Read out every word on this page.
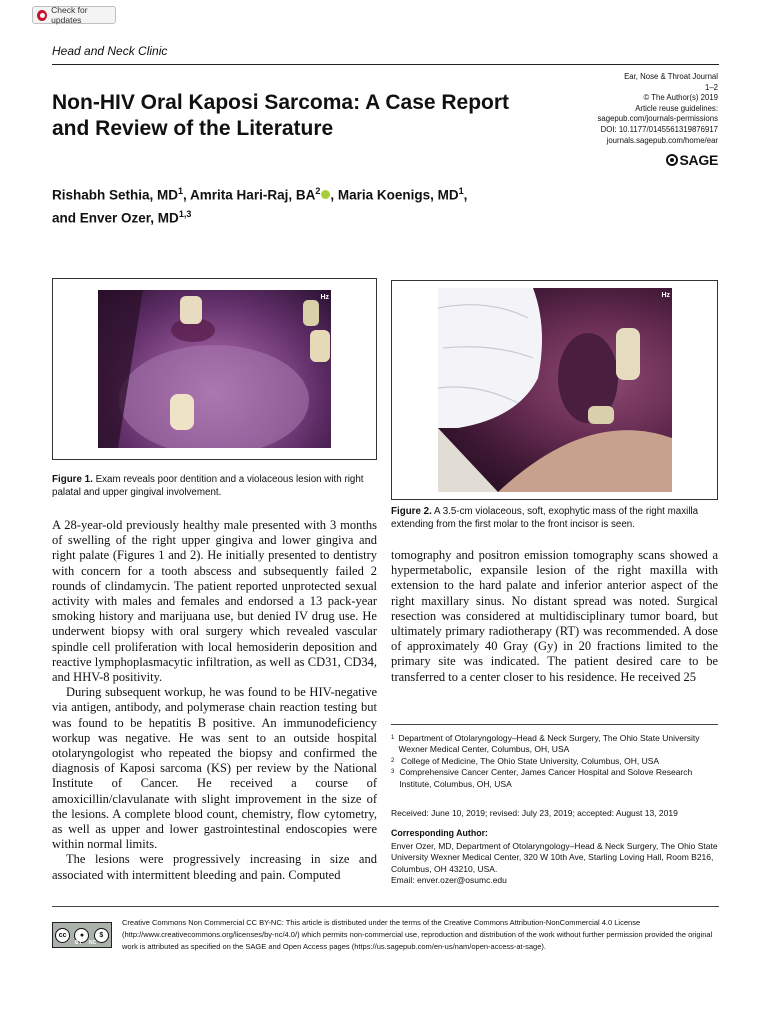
Check for updates
Head and Neck Clinic
Ear, Nose & Throat Journal
1–2
© The Author(s) 2019
Article reuse guidelines:
sagepub.com/journals-permissions
DOI: 10.1177/0145561319876917
journals.sagepub.com/home/ear
SAGE
Non-HIV Oral Kaposi Sarcoma: A Case Report and Review of the Literature
Rishabh Sethia, $MD^1$, Amrita Hari-Raj, $BA^2$ , Maria Koenigs, $MD^1$,
and Enver Ozer, MD$^{1,3}$
Hz
Figure 1. Exam reveals poor dentition and a violaceous lesion with right palatal and upper gingival involvement.
Hz
Figure 2. A 3.5-cm violaceous, soft, exophytic mass of the right maxilla extending from the first molar to the front incisor is seen.

A 28-year-old previously healthy male presented with 3 months of swelling of the right upper gingiva and lower gingiva and right palate (Figures 1 and 2). He initially presented to dentistry with concern for a tooth abscess and subsequently failed 2 rounds of clindamycin. The patient reported unprotected sexual activity with males and females and endorsed a 13 pack-year smoking history and marijuana use, but denied IV drug use. He underwent biopsy with oral surgery which revealed vascular spindle cell proliferation with local hemosiderin deposition and reactive lymphoplasmacytic infiltration, as well as CD31, CD34, and HHV-8 positivity.

During subsequent workup, he was found to be HIV-negative via antigen, antibody, and polymerase chain reaction testing but was found to be hepatitis B positive. An immunodeficiency workup was negative. He was sent to an outside hospital otolaryngologist who repeated the biopsy and confirmed the diagnosis of Kaposi sarcoma (KS) per review by the National Institute of Cancer. He received a course of amoxicillin/clavulanate with slight improvement in the size of the lesions. A complete blood count, chemistry, flow cytometry, as well as upper and lower gastrointestinal endoscopies were within normal limits.

The lesions were progressively increasing in size and associated with intermittent bleeding and pain. Computed

tomography and positron emission tomography scans showed a hypermetabolic, expansile lesion of the right maxilla with extension to the hard palate and inferior anterior aspect of the right maxillary sinus. No distant spread was noted. Surgical resection was considered at multidisciplinary tumor board, but ultimately primary radiotherapy (RT) was recommended. A dose of approximately 40 Gray (Gy) in 20 fractions limited to the primary site was indicated. The patient desired care to be transferred to a center closer to his residence. He received 25

1 Department of Otolaryngology–Head & Neck Surgery, The Ohio State University Wexner Medical Center, Columbus, OH, USA
2 College of Medicine, The Ohio State University, Columbus, OH, USA
3 Comprehensive Cancer Center, James Cancer Hospital and Solove Research Institute, Columbus, OH, USA
Received: June 10, 2019; revised: July 23, 2019; accepted: August 13, 2019
Corresponding Author:
Enver Ozer, MD, Department of Otolaryngology–Head & Neck Surgery, The Ohio State University Wexner Medical Center, 320 W 10th Ave, Starling Loving Hall, Room B216, Columbus, OH 43210, USA.
Email: enver.ozer@osumc.edu
cc	●	$
BY NC
Creative Commons Non Commercial CC BY-NC: This article is distributed under the terms of the Creative Commons Attribution-NonCommercial 4.0 License (http://www.creativecommons.org/licenses/by-nc/4.0/) which permits non-commercial use, reproduction and distribution of the work without further permission provided the original work is attributed as specified on the SAGE and Open Access pages (https://us.sagepub.com/en-us/nam/open-access-at-sage).
